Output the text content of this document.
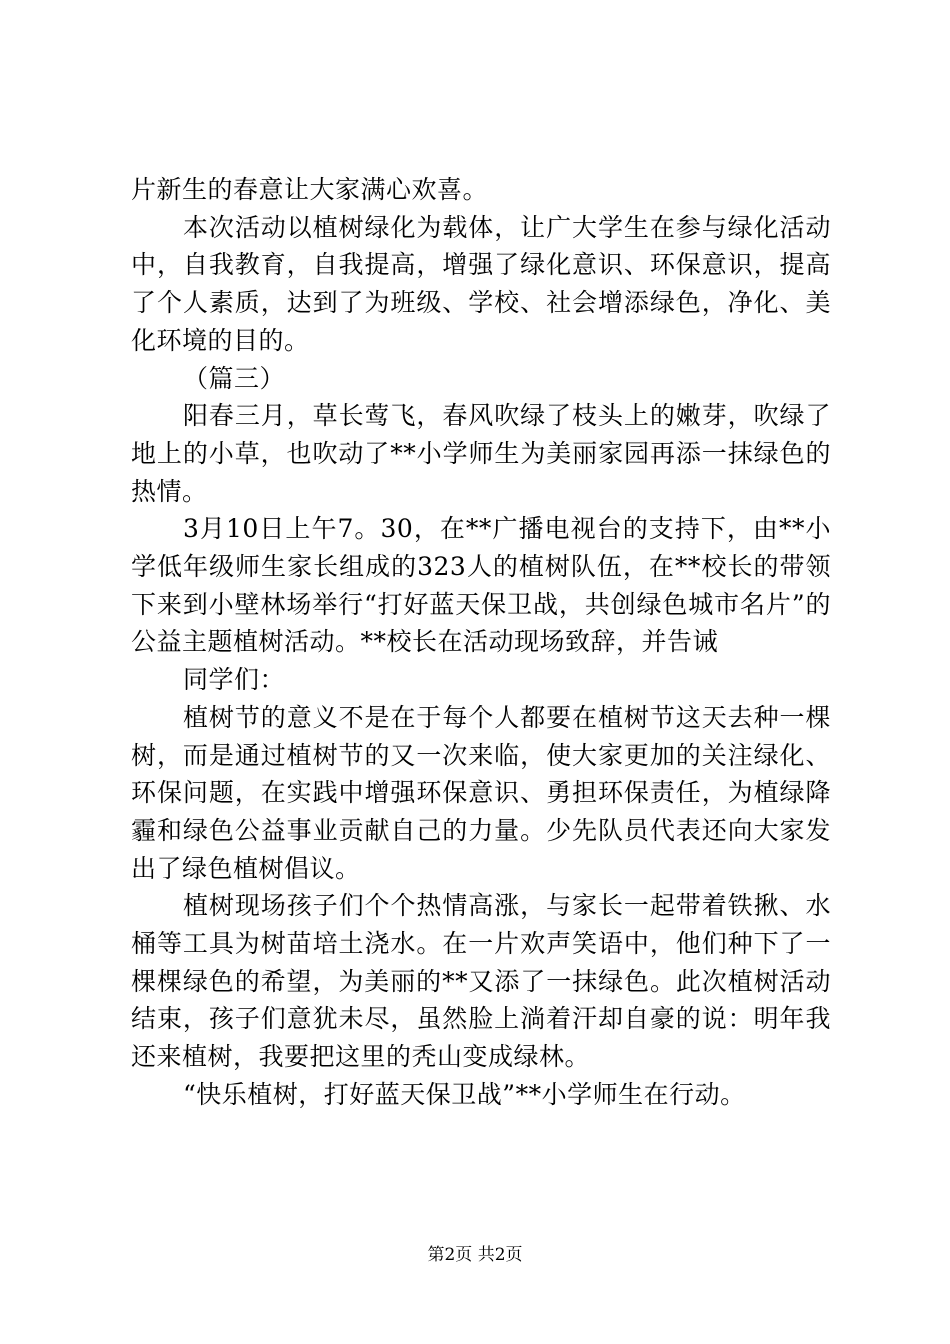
片新生的春意让大家满心欢喜。

本次活动以植树绿化为载体，让广大学生在参与绿化活动中，自我教育，自我提高，增强了绿化意识、环保意识，提高了个人素质，达到了为班级、学校、社会增添绿色，净化、美化环境的目的。

（篇三）

阳春三月，草长莺飞，春风吹绿了枝头上的嫩芽，吹绿了地上的小草，也吹动了**小学师生为美丽家园再添一抹绿色的热情。

3月10日上午7。30，在**广播电视台的支持下，由**小学低年级师生家长组成的323人的植树队伍，在**校长的带领下来到小壁林场举行“打好蓝天保卫战，共创绿色城市名片”的公益主题植树活动。**校长在活动现场致辞，并告诫

同学们：

植树节的意义不是在于每个人都要在植树节这天去种一棵树，而是通过植树节的又一次来临，使大家更加的关注绿化、环保问题，在实践中增强环保意识、勇担环保责任，为植绿降霾和绿色公益事业贡献自己的力量。少先队员代表还向大家发出了绿色植树倡议。

植树现场孩子们个个热情高涨，与家长一起带着铁揪、水桶等工具为树苗培土浇水。在一片欢声笑语中，他们种下了一棵棵绿色的希望，为美丽的**又添了一抹绿色。此次植树活动结束，孩子们意犹未尽，虽然脸上淌着汗却自豪的说：明年我还来植树，我要把这里的秃山变成绿林。

“快乐植树，打好蓝天保卫战”**小学师生在行动。

第2页 共2页
